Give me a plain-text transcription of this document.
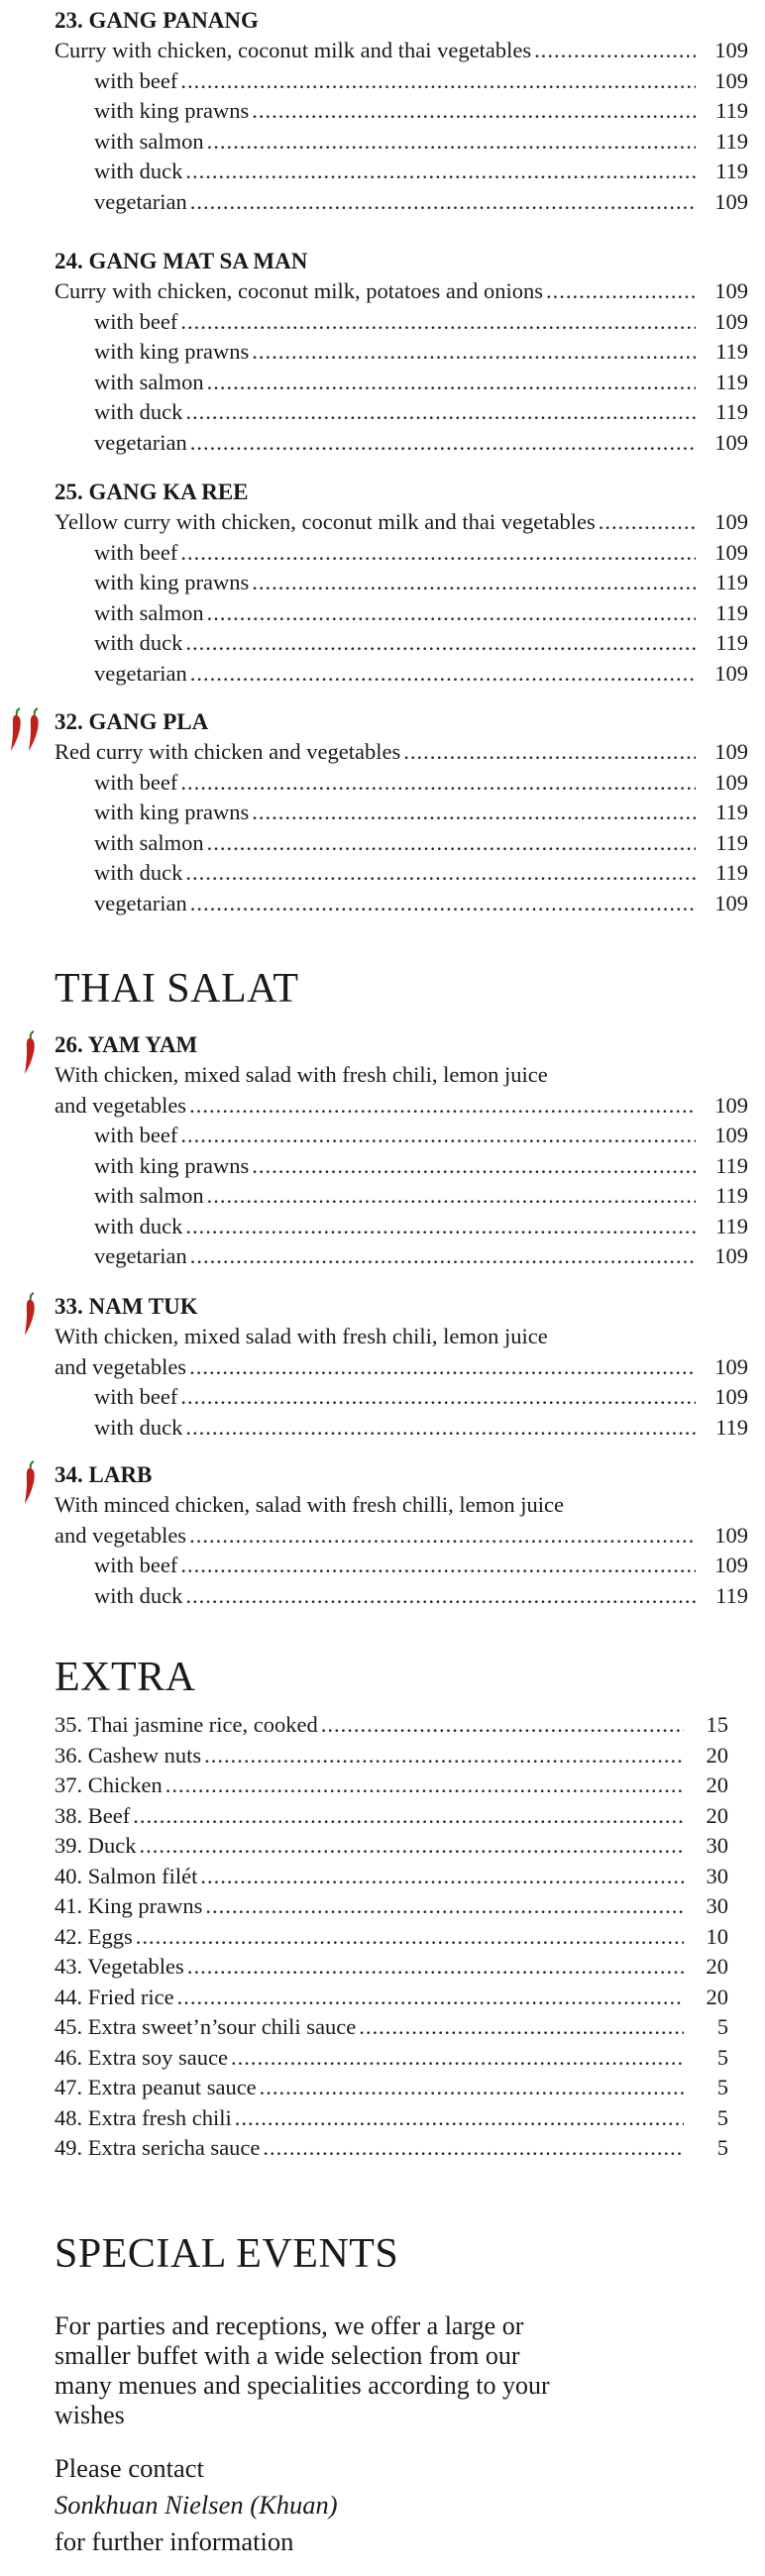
23. GANG PANANG
Curry with chicken, coconut milk and thai vegetables .....	109
with beef .....	109
with king prawns .....	119
with salmon .....	119
with duck .....	119
vegetarian .....	109
24. GANG MAT SA MAN
Curry with chicken, coconut milk, potatoes and onions .....	109
with beef .....	109
with king prawns .....	119
with salmon .....	119
with duck .....	119
vegetarian .....	109
25. GANG KA REE
Yellow curry with chicken, coconut milk and thai vegetables .....	109
with beef .....	109
with king prawns .....	119
with salmon .....	119
with duck .....	119
vegetarian .....	109
32. GANG PLA
Red curry with chicken and vegetables .....	109
with beef .....	109
with king prawns .....	119
with salmon .....	119
with duck .....	119
vegetarian .....	109
THAI SALAT
26. YAM YAM
With chicken, mixed salad with fresh chili, lemon juice
and vegetables .....	109
with beef .....	109
with king prawns .....	119
with salmon .....	119
with duck .....	119
vegetarian .....	109
33. NAM TUK
With chicken, mixed salad with fresh chili, lemon juice
and vegetables .....	109
with beef .....	109
with duck .....	119
34. LARB
With minced chicken, salad with fresh chilli, lemon juice
and vegetables .....	109
with beef .....	109
with duck .....	119
EXTRA
35. Thai jasmine rice, cooked .....	15
36. Cashew nuts .....	20
37. Chicken .....	20
38. Beef .....	20
39. Duck .....	30
40. Salmon filét .....	30
41. King prawns .....	30
42. Eggs .....	10
43. Vegetables .....	20
44. Fried rice .....	20
45. Extra sweet’n’sour chili sauce .....	5
46. Extra soy sauce .....	5
47. Extra peanut sauce .....	5
48. Extra fresh chili .....	5
49. Extra sericha sauce .....	5
SPECIAL EVENTS
For parties and receptions, we offer a large or
smaller buffet with a wide selection from our
many menues and specialities according to your
wishes
Please contact
Sonkhuan Nielsen (Khuan)
for further information
